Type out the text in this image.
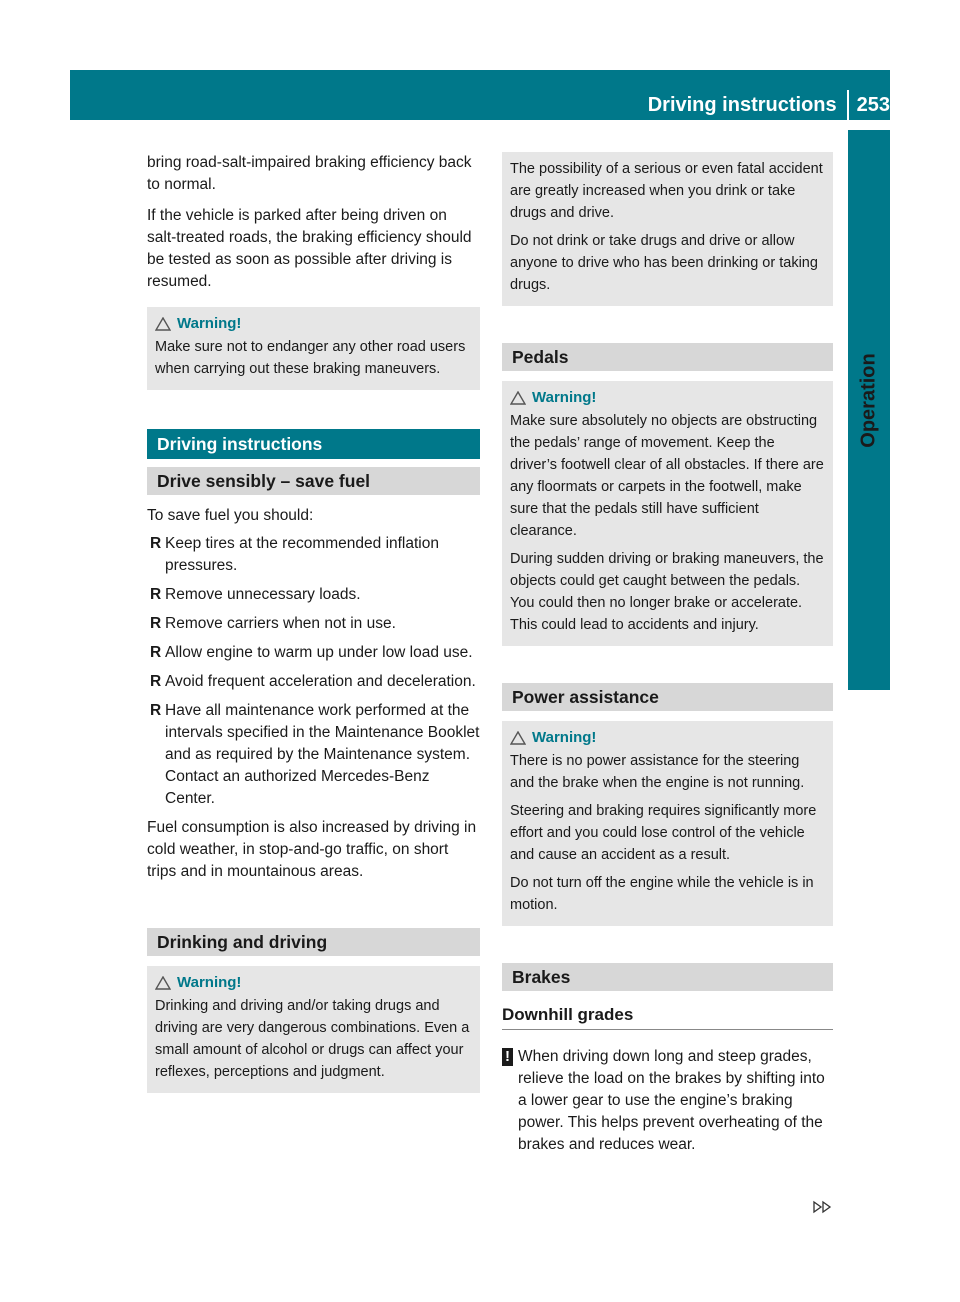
Driving instructions 253
Operation

bring road-salt-impaired braking efficiency back to normal.

If the vehicle is parked after being driven on salt-treated roads, the braking efficiency should be tested as soon as possible after driving is resumed.

Warning!

Make sure not to endanger any other road users when carrying out these braking maneuvers.

Driving instructions
Drive sensibly – save fuel

To save fuel you should:

R Keep tires at the recommended inflation pressures.
R Remove unnecessary loads.
R Remove carriers when not in use.
R Allow engine to warm up under low load use.
R Avoid frequent acceleration and deceleration.
R Have all maintenance work performed at the intervals specified in the Maintenance Booklet and as required by the Maintenance system. Contact an authorized Mercedes-Benz Center.

Fuel consumption is also increased by driving in cold weather, in stop-and-go traffic, on short trips and in mountainous areas.

Drinking and driving
Warning!

Drinking and driving and/or taking drugs and driving are very dangerous combinations. Even a small amount of alcohol or drugs can affect your reflexes, perceptions and judgment.

The possibility of a serious or even fatal accident are greatly increased when you drink or take drugs and drive.

Do not drink or take drugs and drive or allow anyone to drive who has been drinking or taking drugs.

Pedals
Warning!

Make sure absolutely no objects are obstructing the pedals’ range of movement. Keep the driver’s footwell clear of all obstacles. If there are any floormats or carpets in the footwell, make sure that the pedals still have sufficient clearance.

During sudden driving or braking maneuvers, the objects could get caught between the pedals. You could then no longer brake or accelerate. This could lead to accidents and injury.

Power assistance
Warning!

There is no power assistance for the steering and the brake when the engine is not running.

Steering and braking requires significantly more effort and you could lose control of the vehicle and cause an accident as a result.

Do not turn off the engine while the vehicle is in motion.

Brakes
Downhill grades
! When driving down long and steep grades, relieve the load on the brakes by shifting into a lower gear to use the engine’s braking power. This helps prevent overheating of the brakes and reduces wear.
